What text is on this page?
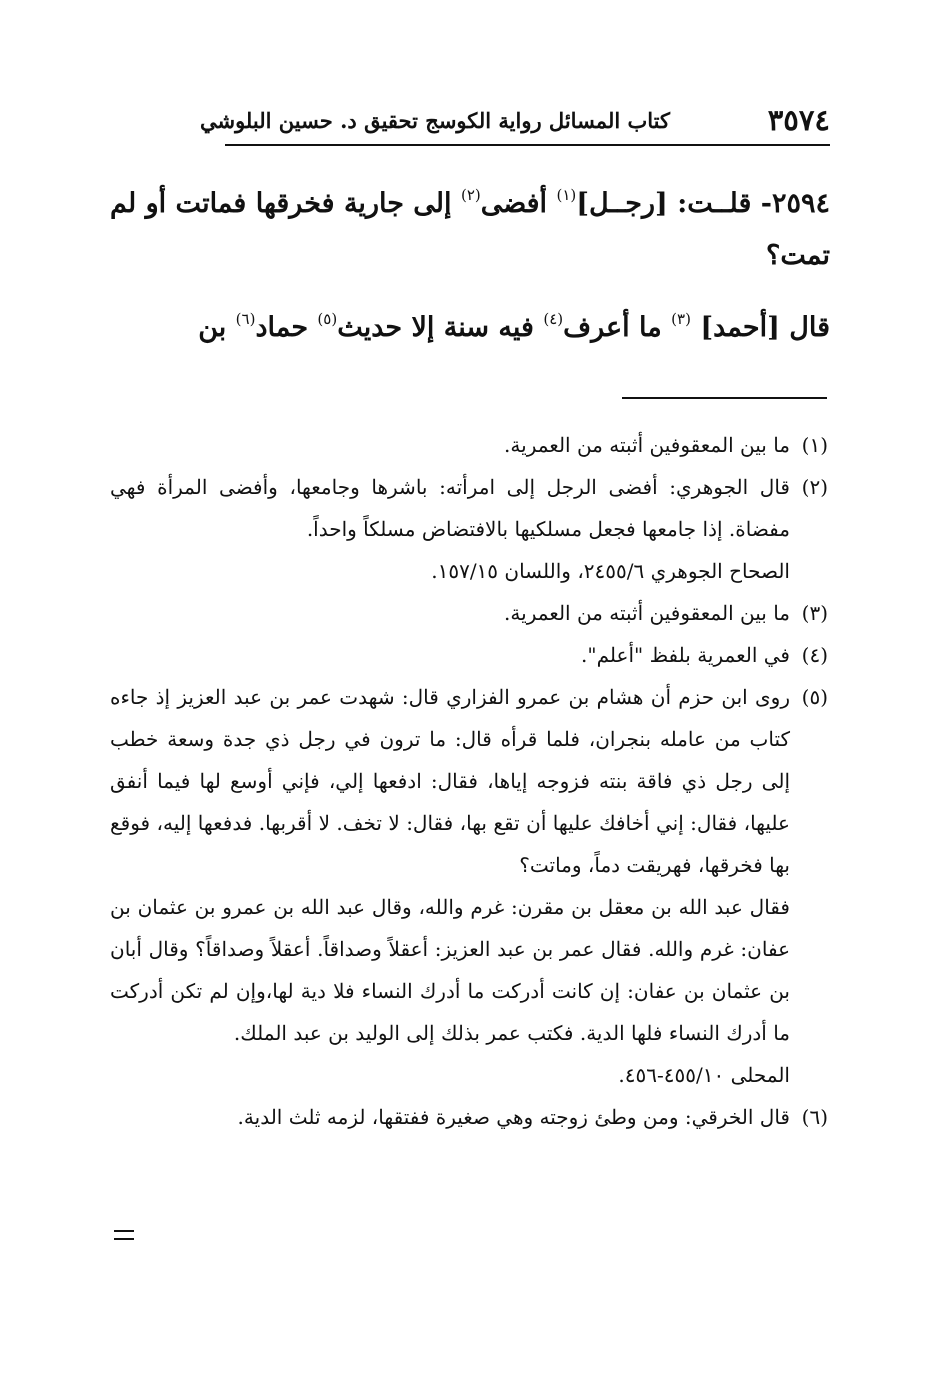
٣٥٧٤
كتاب المسائل رواية الكوسج تحقيق د. حسين البلوشي

٢٥٩٤- قلــت: [رجــل]$^{(١)}$ أفضى$^{(٢)}$ إلى جارية فخرقها فماتت أو لم تمت؟

قال [أحمد] $^{(٣)}$ ما أعرف$^{(٤)}$ فيه سنة إلا حديث$^{(٥)}$ حماد$^{(٦)}$ بن

(١)

ما بين المعقوفين أثبته من العمرية.

(٢)

قال الجوهري: أفضى الرجل إلى امرأته: باشرها وجامعها، وأفضى المرأة فهي مفضاة. إذا جامعها فجعل مسلكيها بالافتضاض مسلكاً واحداً.

الصحاح الجوهري ٢٤٥٥/٦، واللسان ١٥٧/١٥.

(٣)

ما بين المعقوفين أثبته من العمرية.

(٤)

في العمرية بلفظ "أعلم".

(٥)

روى ابن حزم أن هشام بن عمرو الفزاري قال: شهدت عمر بن عبد العزيز إذ جاءه كتاب من عامله بنجران، فلما قرأه قال: ما ترون في رجل ذي جدة وسعة خطب إلى رجل ذي فاقة بنته فزوجه إياها، فقال: ادفعها إلي، فإني أوسع لها فيما أنفق عليها، فقال: إني أخافك عليها أن تقع بها، فقال: لا تخف. لا أقربها. فدفعها إليه، فوقع بها فخرقها، فهريقت دماً، وماتت؟

فقال عبد الله بن معقل بن مقرن: غرم والله، وقال عبد الله بن عمرو بن عثمان بن عفان: غرم والله. فقال عمر بن عبد العزيز: أعقلاً وصداقاً. أعقلاً وصداقاً؟ وقال أبان بن عثمان بن عفان: إن كانت أدركت ما أدرك النساء فلا دية لها،وإن لم تكن أدركت ما أدرك النساء فلها الدية. فكتب عمر بذلك إلى الوليد بن عبد الملك.

المحلى ٤٥٥/١٠-٤٥٦.

(٦)

قال الخرقي: ومن وطئ زوجته وهي صغيرة ففتقها، لزمه ثلث الدية.
